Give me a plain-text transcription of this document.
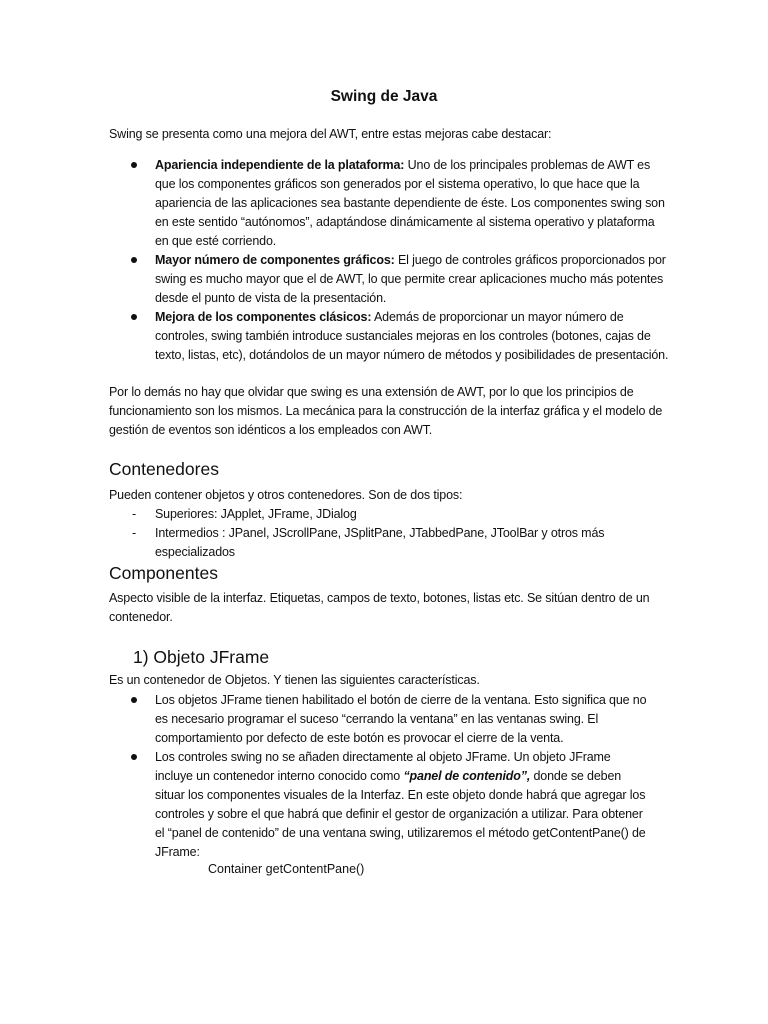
Swing de Java
Swing se presenta como una mejora del AWT, entre estas mejoras cabe destacar:
Apariencia independiente de la plataforma: Uno de los principales problemas de AWT es que los componentes gráficos son generados por el sistema operativo, lo que hace que la apariencia de las aplicaciones sea bastante dependiente de éste. Los componentes swing son en este sentido “autónomos”, adaptándose dinámicamente al sistema operativo y plataforma en que esté corriendo.
Mayor número de componentes gráficos: El juego de controles gráficos proporcionados por swing es mucho mayor que el de AWT, lo que permite crear aplicaciones mucho más potentes desde el punto de vista de la presentación.
Mejora de los componentes clásicos: Además de proporcionar un mayor número de controles, swing también introduce sustanciales mejoras en los controles (botones, cajas de texto, listas, etc), dotándolos de un mayor número de métodos y posibilidades de presentación.
Por lo demás no hay que olvidar que swing es una extensión de AWT, por lo que los principios de funcionamiento son los mismos. La mecánica para la construcción de la interfaz gráfica y el modelo de gestión de eventos son idénticos a los empleados con AWT.
Contenedores
Pueden contener objetos y otros contenedores. Son de dos tipos:
- Superiores: JApplet, JFrame, JDialog
- Intermedios : JPanel, JScrollPane, JSplitPane, JTabbedPane, JToolBar y otros más especializados
Componentes
Aspecto visible de la interfaz. Etiquetas, campos de texto, botones, listas etc. Se sitúan dentro de un contenedor.
1) Objeto JFrame
Es un contenedor de Objetos. Y tienen las siguientes características.
Los objetos JFrame tienen habilitado el botón de cierre de la ventana. Esto significa que no es necesario programar el suceso “cerrando la ventana” en las ventanas swing. El comportamiento por defecto de este botón es provocar el cierre de la venta.
Los controles swing no se añaden directamente al objeto JFrame. Un objeto JFrame incluye un contenedor interno conocido como “panel de contenido”, donde se deben situar los componentes visuales de la Interfaz. En este objeto donde habrá que agregar los controles y sobre el que habrá que definir el gestor de organización a utilizar. Para obtener el “panel de contenido” de una ventana swing, utilizaremos el método getContentPane() de JFrame:
Container getContentPane()
